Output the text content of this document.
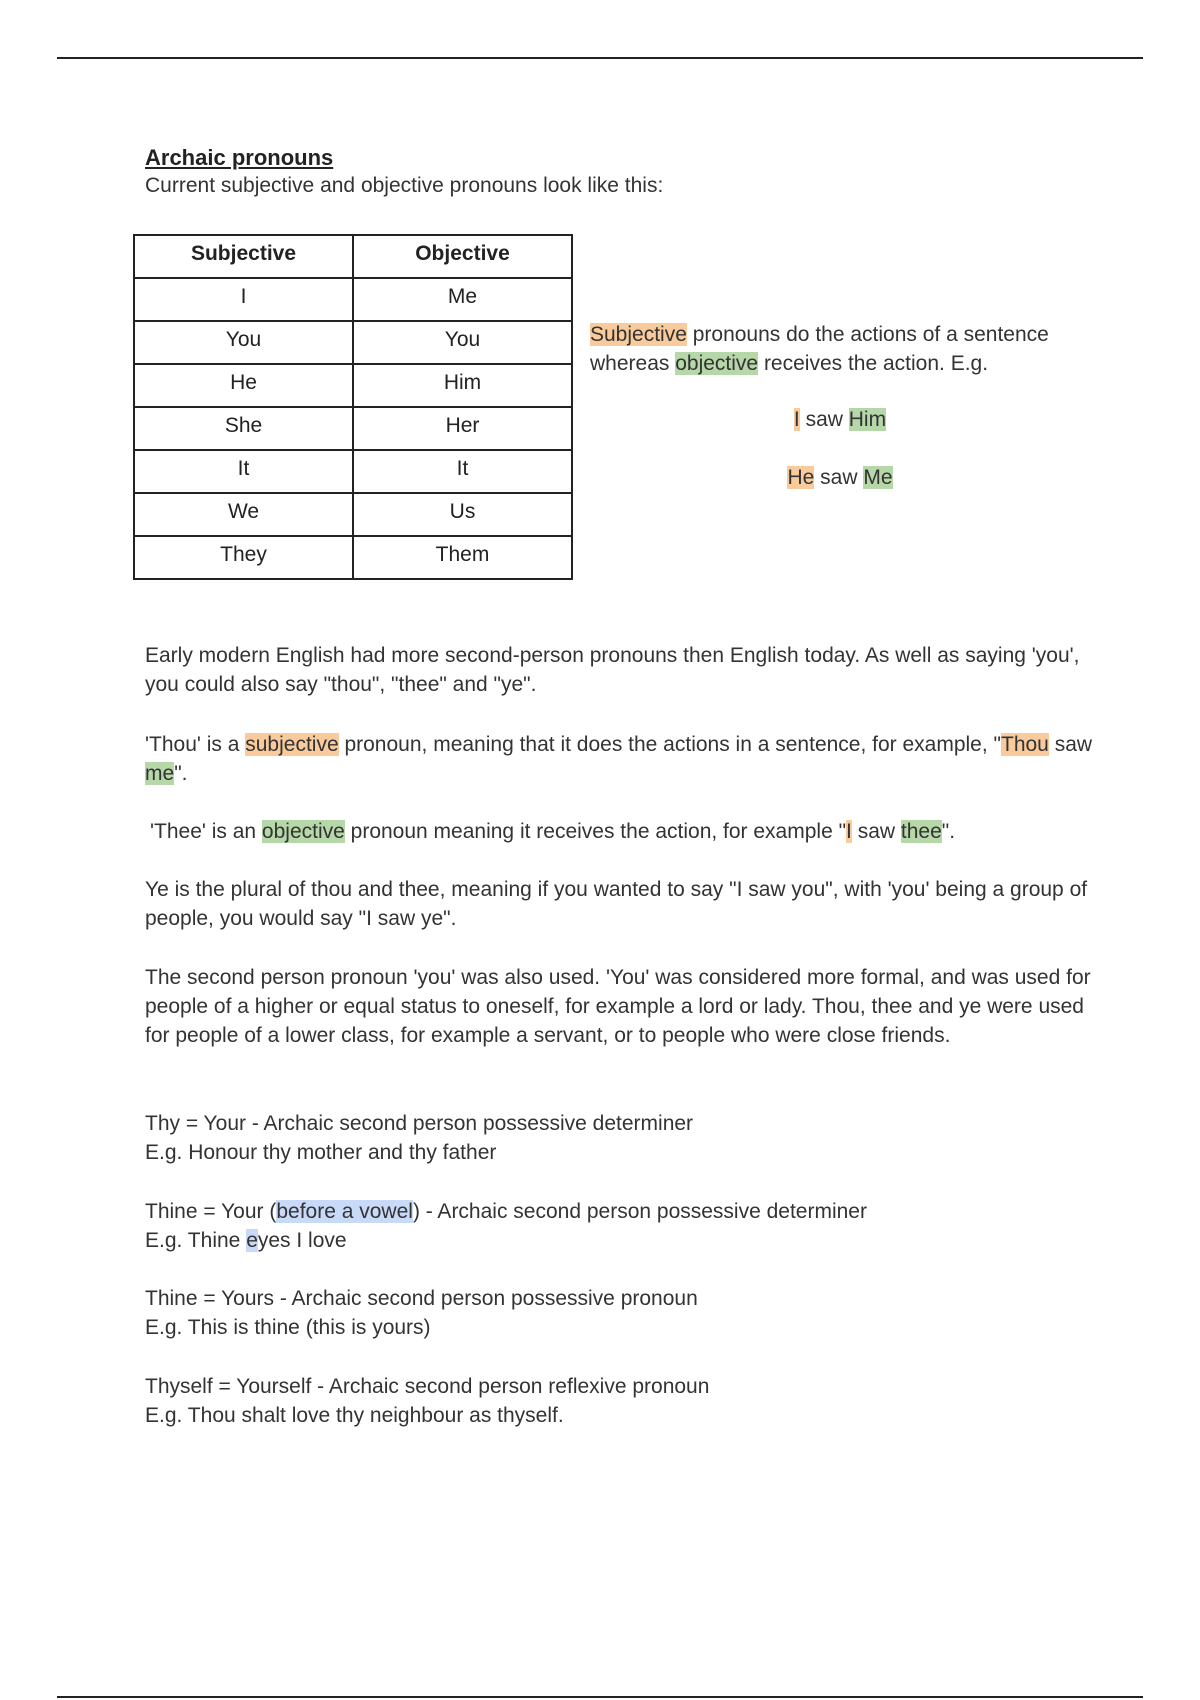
Archaic pronouns
Current subjective and objective pronouns look like this:
Subjective	Objective
I	Me
You	You
He	Him
She	Her
It	It
We	Us
They	Them
Subjective pronouns do the actions of a sentence whereas objective receives the action. E.g.
I saw Him
He saw Me

Early modern English had more second-person pronouns then English today. As well as saying 'you', you could also say "thou", "thee" and "ye".

'Thou' is a subjective pronoun, meaning that it does the actions in a sentence, for example, "Thou saw me".

'Thee' is an objective pronoun meaning it receives the action, for example "I saw thee".

Ye is the plural of thou and thee, meaning if you wanted to say "I saw you", with 'you' being a group of people, you would say "I saw ye".

The second person pronoun 'you' was also used. 'You' was considered more formal, and was used for people of a higher or equal status to oneself, for example a lord or lady. Thou, thee and ye were used for people of a lower class, for example a servant, or to people who were close friends.

Thy = Your - Archaic second person possessive determiner
E.g. Honour thy mother and thy father

Thine = Your (before a vowel) - Archaic second person possessive determiner
E.g. Thine eyes I love

Thine = Yours - Archaic second person possessive pronoun
E.g. This is thine (this is yours)

Thyself = Yourself - Archaic second person reflexive pronoun
E.g. Thou shalt love thy neighbour as thyself.
